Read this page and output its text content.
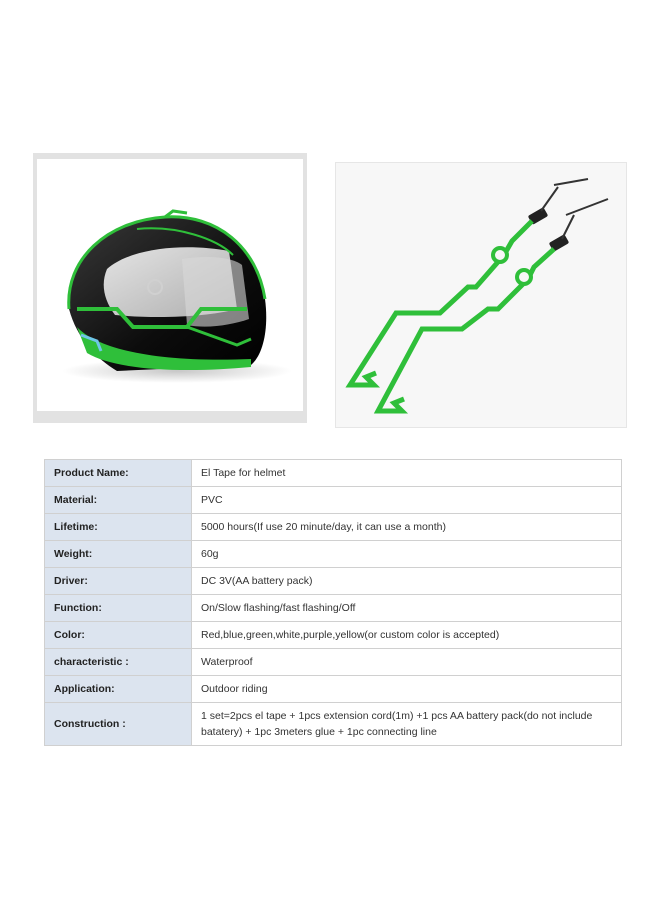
Product Name:	El Tape for helmet
Material:	PVC
Lifetime:	5000 hours(If use 20 minute/day, it can use a month)
Weight:	60g
Driver:	DC 3V(AA battery pack)
Function:	On/Slow flashing/fast flashing/Off
Color:	Red,blue,green,white,purple,yellow(or custom color is accepted)
characteristic :	Waterproof
Application:	Outdoor riding
Construction :	1 set=2pcs el tape + 1pcs extension cord(1m) +1 pcs AA battery pack(do not include batatery) + 1pc 3meters glue + 1pc connecting line
